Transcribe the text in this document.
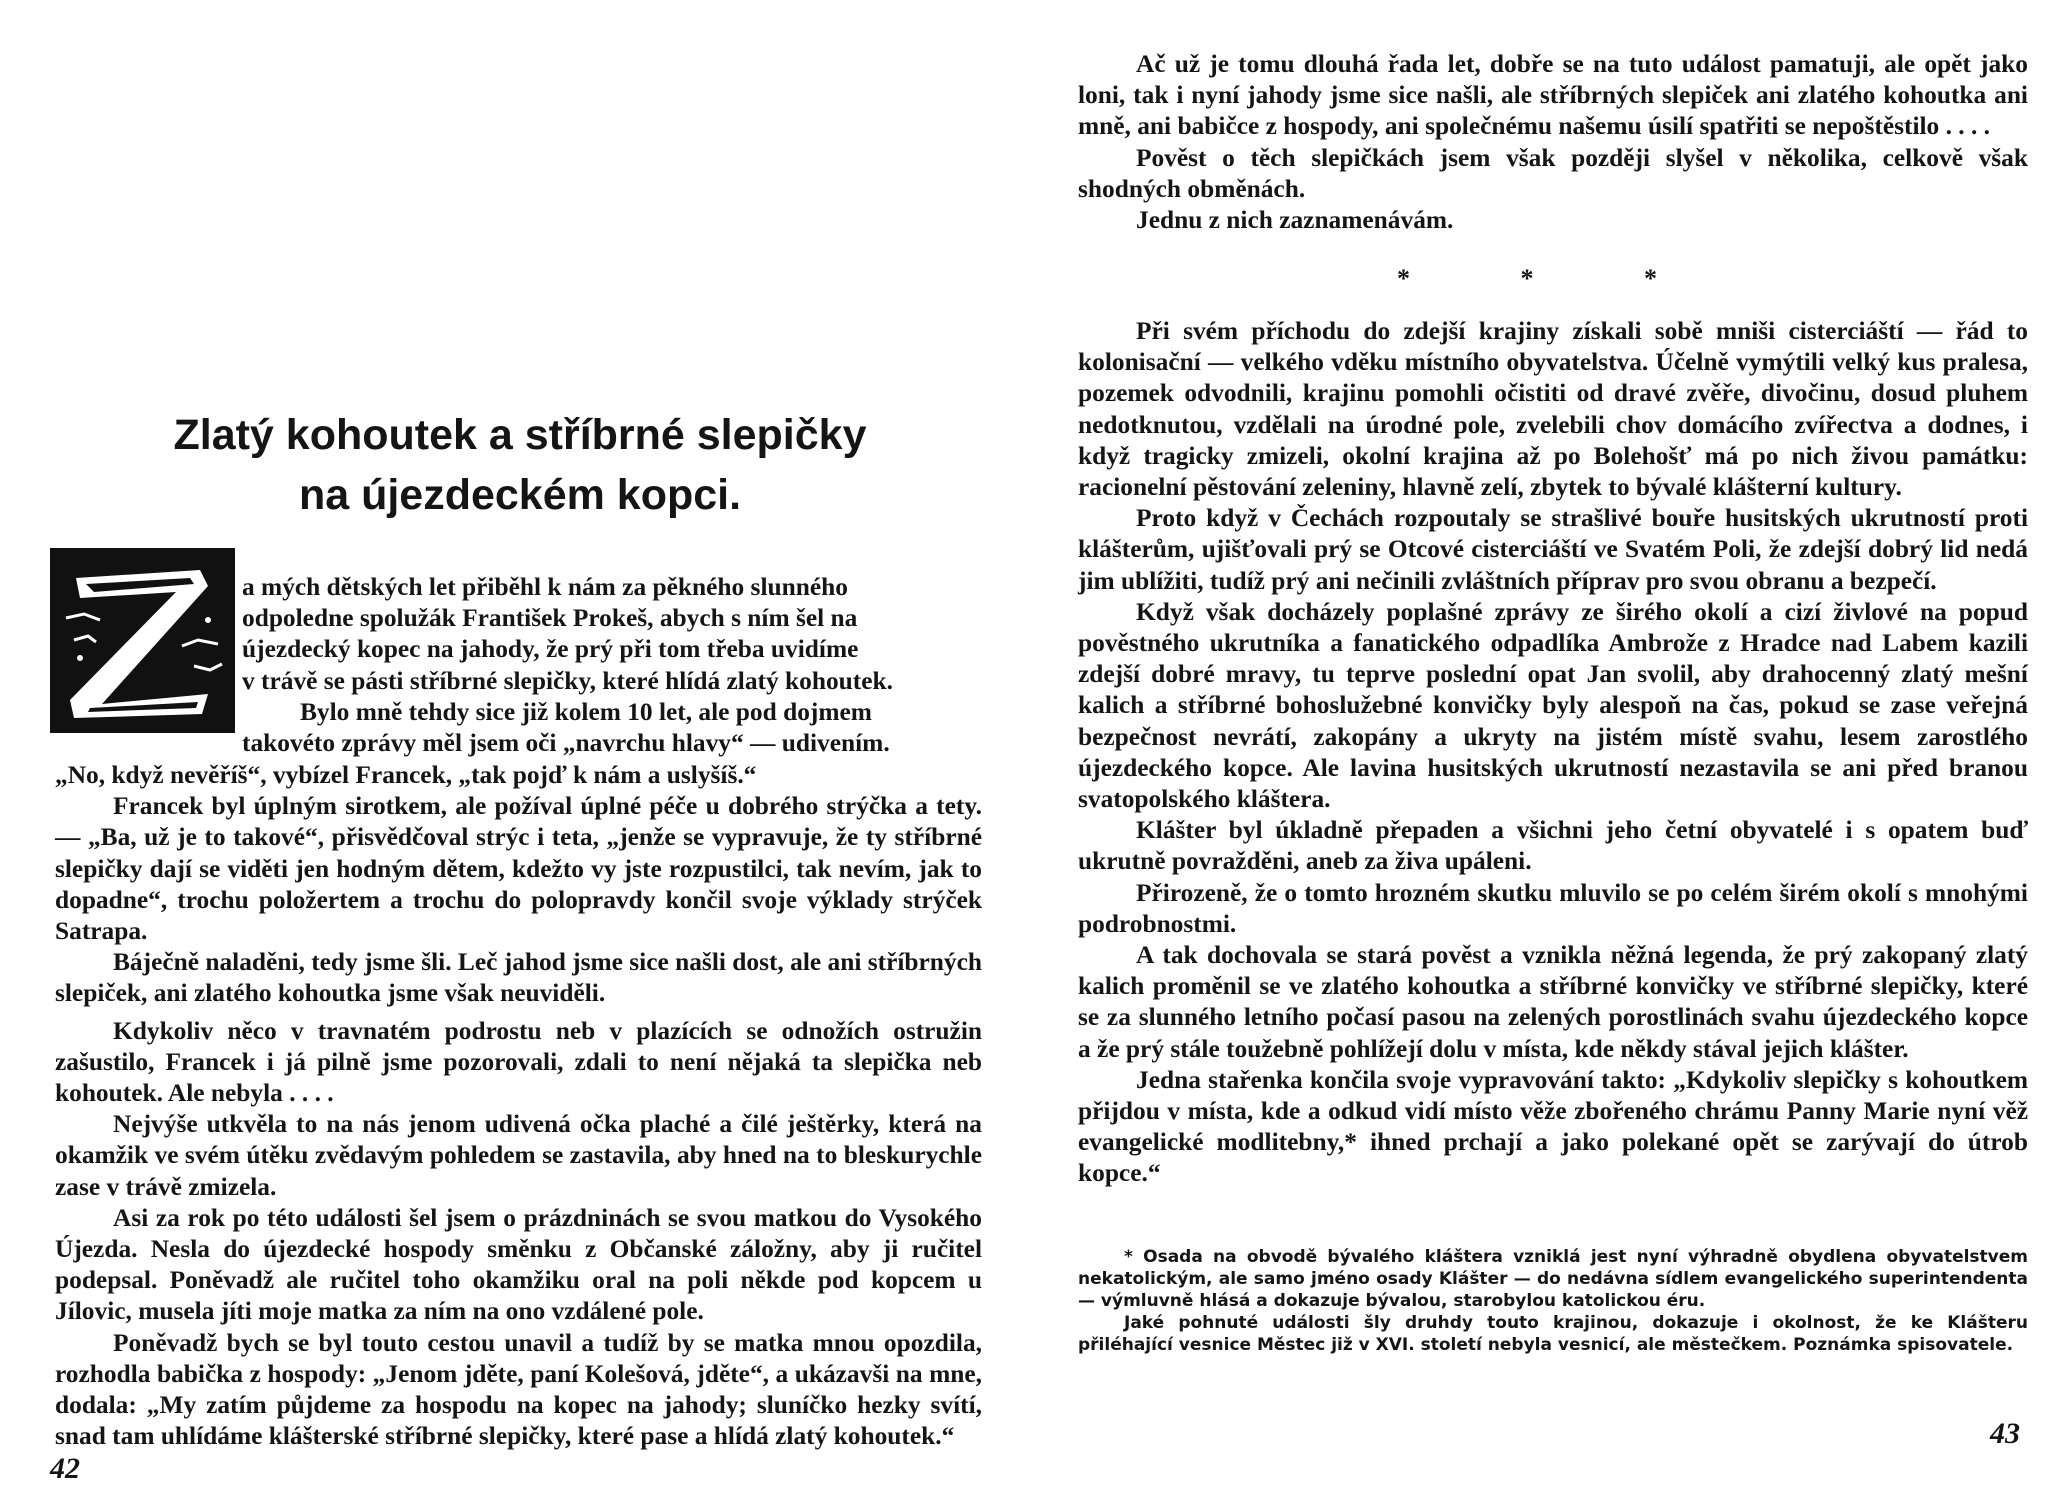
Zlatý kohoutek a stříbrné slepičky
na újezdeckém kopci.

a mých dětských let přiběhl k nám za pěkného slunného

odpoledne spolužák František Prokeš, abych s ním šel na

újezdecký kopec na jahody, že prý při tom třeba uvidíme

v trávě se pásti stříbrné slepičky, které hlídá zlatý kohoutek.

Bylo mně tehdy sice již kolem 10 let, ale pod dojmem

takovéto zprávy měl jsem oči „navrchu hlavy“ — udivením.

„No, když nevěříš“, vybízel Francek, „tak pojď k nám a uslyšíš.“

Francek byl úplným sirotkem, ale požíval úplné péče u dobrého strýčka a tety. — „Ba, už je to takové“, přisvědčoval strýc i teta, „jenže se vypravuje, že ty stříbrné slepičky dají se viděti jen hodným dětem, kdežto vy jste rozpustilci, tak nevím, jak to dopadne“, trochu položertem a trochu do polopravdy končil svoje výklady strýček Satrapa.

Báječně naladěni, tedy jsme šli. Leč jahod jsme sice našli dost, ale ani stříbrných slepiček, ani zlatého kohoutka jsme však neuviděli.

Kdykoliv něco v travnatém podrostu neb v plazících se odnožích ostružin zašustilo, Francek i já pilně jsme pozorovali, zdali to není nějaká ta slepička neb kohoutek. Ale nebyla . . . .

Nejvýše utkvěla to na nás jenom udivená očka plaché a čilé ještěrky, která na okamžik ve svém útěku zvědavým pohledem se zastavila, aby hned na to bleskurychle zase v trávě zmizela.

Asi za rok po této události šel jsem o prázdninách se svou matkou do Vysokého Újezda. Nesla do újezdecké hospody směnku z Občanské záložny, aby ji ručitel podepsal. Poněvadž ale ručitel toho okamžiku oral na poli někde pod kopcem u Jílovic, musela jíti moje matka za ním na ono vzdálené pole.

Poněvadž bych se byl touto cestou unavil a tudíž by se matka mnou opozdila, rozhodla babička z hospody: „Jenom jděte, paní Kolešová, jděte“, a ukázavši na mne, dodala: „My zatím půjdeme za hospodu na kopec na jahody; sluníčko hezky svítí, snad tam uhlídáme klášterské stříbrné slepičky, které pase a hlídá zlatý kohoutek.“

42

Ač už je tomu dlouhá řada let, dobře se na tuto událost pamatuji, ale opět jako loni, tak i nyní jahody jsme sice našli, ale stříbrných slepiček ani zlatého kohoutka ani mně, ani babičce z hospody, ani společnému našemu úsilí spatřiti se nepoštěstilo . . . .

Pověst o těch slepičkách jsem však později slyšel v několika, celkově však shodných obměnách.

Jednu z nich zaznamenávám.

* * *

Při svém příchodu do zdejší krajiny získali sobě mniši cisterciáští — řád to kolonisační — velkého vděku místního obyvatelstva. Účelně vymýtili velký kus pralesa, pozemek odvodnili, krajinu pomohli očistiti od dravé zvěře, divočinu, dosud pluhem nedotknutou, vzdělali na úrodné pole, zvelebili chov domácího zvířectva a dodnes, i když tragicky zmizeli, okolní krajina až po Bolehošť má po nich živou památku: racionelní pěstování zeleniny, hlavně zelí, zbytek to bývalé klášterní kultury.

Proto když v Čechách rozpoutaly se strašlivé bouře husitských ukrutností proti klášterům, ujišťovali prý se Otcové cisterciáští ve Svatém Poli, že zdejší dobrý lid nedá jim ublížiti, tudíž prý ani nečinili zvláštních příprav pro svou obranu a bezpečí.

Když však docházely poplašné zprávy ze širého okolí a cizí živlové na popud pověstného ukrutníka a fanatického odpadlíka Ambrože z Hradce nad Labem kazili zdejší dobré mravy, tu teprve poslední opat Jan svolil, aby drahocenný zlatý mešní kalich a stříbrné bohoslužebné konvičky byly alespoň na čas, pokud se zase veřejná bezpečnost nevrátí, zakopány a ukryty na jistém místě svahu, lesem zarostlého újezdeckého kopce. Ale lavina husitských ukrutností nezastavila se ani před branou svatopolského kláštera.

Klášter byl úkladně přepaden a všichni jeho četní obyvatelé i s opatem buď ukrutně povražděni, aneb za živa upáleni.

Přirozeně, že o tomto hrozném skutku mluvilo se po celém širém okolí s mnohými podrobnostmi.

A tak dochovala se stará pověst a vznikla něžná legenda, že prý zakopaný zlatý kalich proměnil se ve zlatého kohoutka a stříbrné konvičky ve stříbrné slepičky, které se za slunného letního počasí pasou na zelených porostlinách svahu újezdeckého kopce a že prý stále toužebně pohlížejí dolu v místa, kde někdy stával jejich klášter.

Jedna stařenka končila svoje vypravování takto: „Kdykoliv slepičky s kohoutkem přijdou v místa, kde a odkud vidí místo věže zbořeného chrámu Panny Marie nyní věž evangelické modlitebny,* ihned prchají a jako polekané opět se zarývají do útrob kopce.“

* Osada na obvodě bývalého kláštera vzniklá jest nyní výhradně obydlena obyvatelstvem nekatolickým, ale samo jméno osady Klášter — do nedávna sídlem evangelického superintendenta — výmluvně hlásá a dokazuje bývalou, starobylou katolickou éru.

Jaké pohnuté události šly druhdy touto krajinou, dokazuje i okolnost, že ke Klášteru přiléhající vesnice Městec již v XVI. století nebyla vesnicí, ale městečkem. Poznámka spisovatele.

43
